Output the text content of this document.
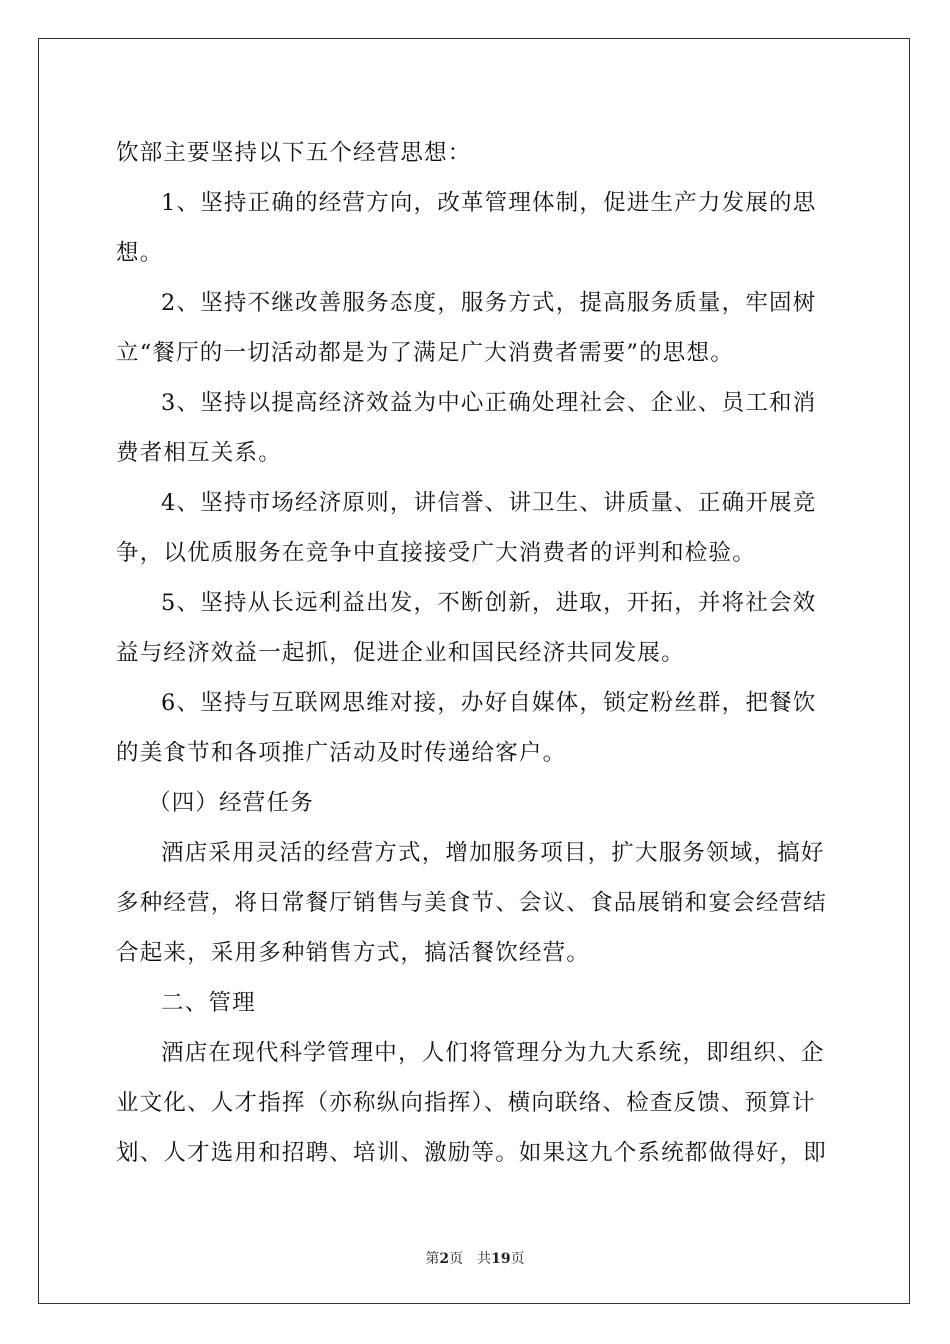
饮部主要坚持以下五个经营思想：
1、坚持正确的经营方向，改革管理体制，促进生产力发展的思
想。
2、坚持不继改善服务态度，服务方式，提高服务质量，牢固树
立“餐厅的一切活动都是为了满足广大消费者需要”的思想。
3、坚持以提高经济效益为中心正确处理社会、企业、员工和消
费者相互关系。
4、坚持市场经济原则，讲信誉、讲卫生、讲质量、正确开展竞
争，以优质服务在竞争中直接接受广大消费者的评判和检验。
5、坚持从长远利益出发，不断创新，进取，开拓，并将社会效
益与经济效益一起抓，促进企业和国民经济共同发展。
6、坚持与互联网思维对接，办好自媒体，锁定粉丝群，把餐饮
的美食节和各项推广活动及时传递给客户。
（四）经营任务
酒店采用灵活的经营方式，增加服务项目，扩大服务领域，搞好
多种经营，将日常餐厅销售与美食节、会议、食品展销和宴会经营结
合起来，采用多种销售方式，搞活餐饮经营。
二、管理
酒店在现代科学管理中，人们将管理分为九大系统，即组织、企
业文化、人才指挥（亦称纵向指挥）、横向联络、检查反馈、预算计
划、人才选用和招聘、培训、激励等。如果这九个系统都做得好，即
第2页 共19页
